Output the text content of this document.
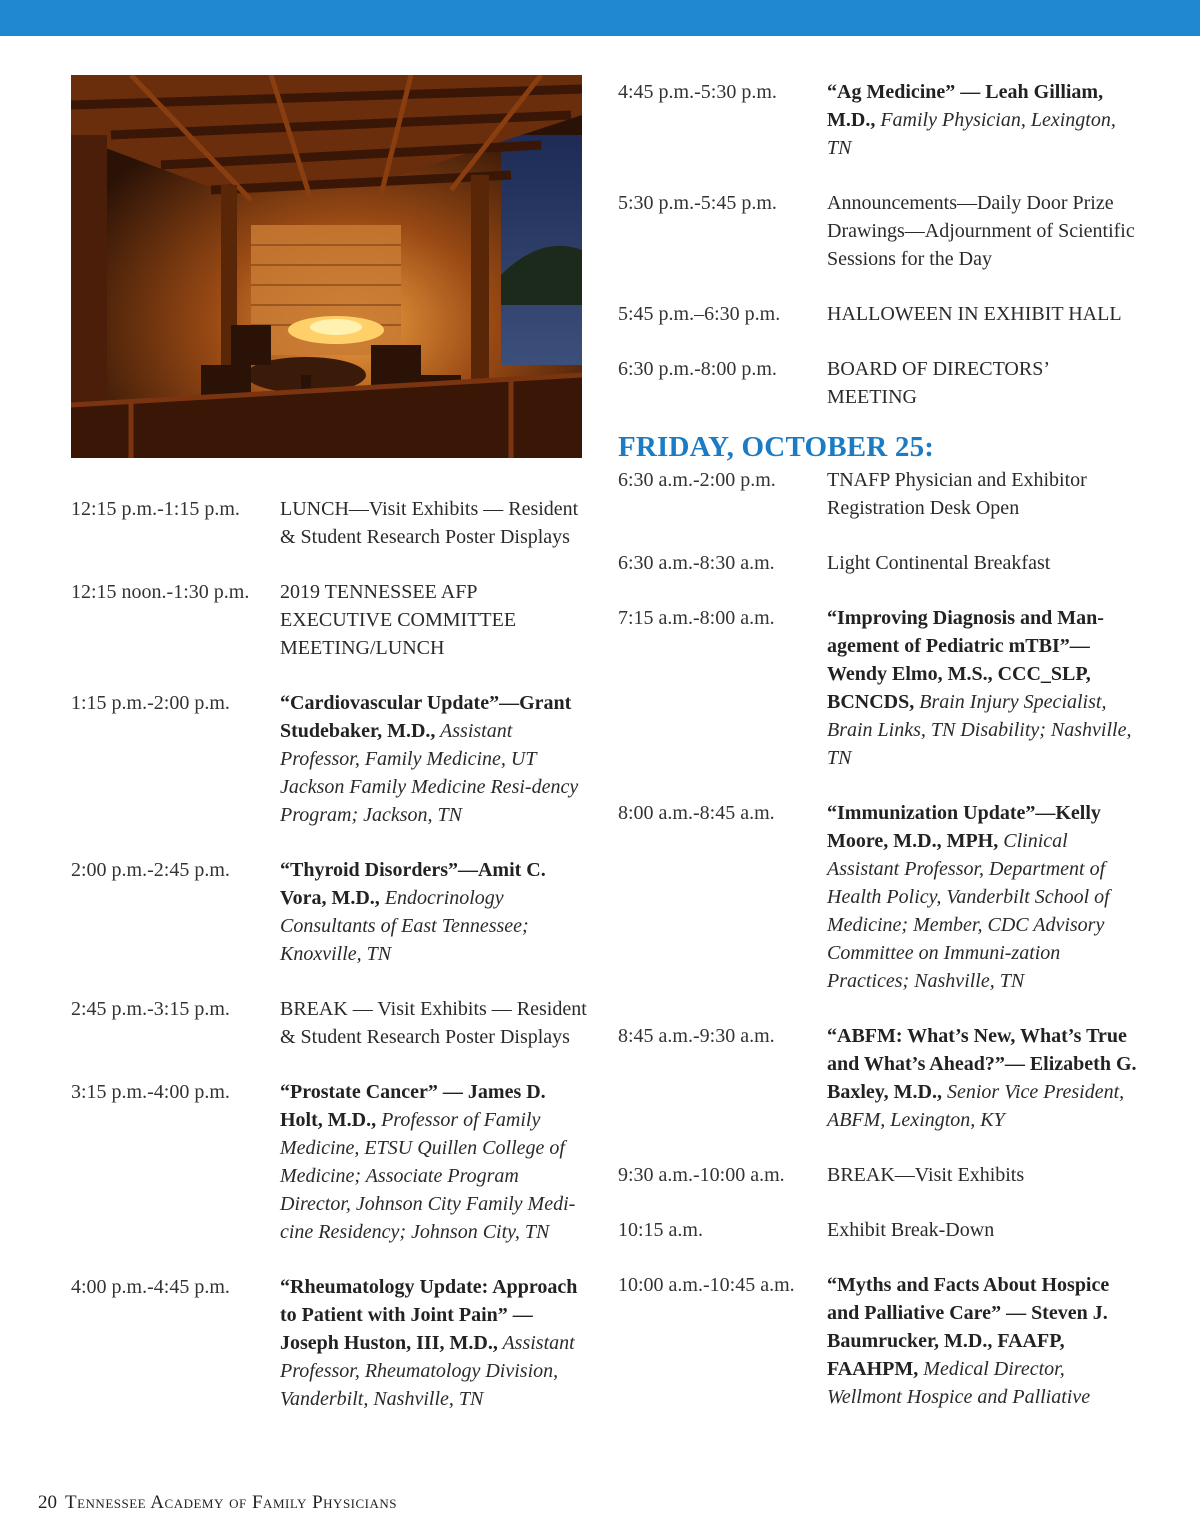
12:15 p.m.-1:15 p.m.	LUNCH—Visit Exhibits — Resident & Student Research Poster Displays
12:15 noon.-1:30 p.m.	2019 TENNESSEE AFP EXECUTIVE COMMITTEE MEETING/LUNCH
1:15 p.m.-2:00 p.m.	“Cardiovascular Update”—Grant Studebaker, M.D., Assistant Professor, Family Medicine, UT Jackson Family Medicine Resi-dency Program; Jackson, TN
2:00 p.m.-2:45 p.m.	“Thyroid Disorders”—Amit C. Vora, M.D., Endocrinology Consultants of East Tennessee; Knoxville, TN
2:45 p.m.-3:15 p.m.	BREAK — Visit Exhibits — Resident & Student Research Poster Displays
3:15 p.m.-4:00 p.m.	“Prostate Cancer” — James D. Holt, M.D., Professor of Family Medicine, ETSU Quillen College of Medicine; Associate Program Director, Johnson City Family Medi-cine Residency; Johnson City, TN
4:00 p.m.-4:45 p.m.	“Rheumatology Update: Approach to Patient with Joint Pain” — Joseph Huston, III, M.D., Assistant Professor, Rheumatology Division, Vanderbilt, Nashville, TN
4:45 p.m.-5:30 p.m.	“Ag Medicine” — Leah Gilliam, M.D., Family Physician, Lexington, TN
5:30 p.m.-5:45 p.m.	Announcements—Daily Door Prize Drawings—Adjournment of Scientific Sessions for the Day
5:45 p.m.–6:30 p.m.	HALLOWEEN IN EXHIBIT HALL
6:30 p.m.-8:00 p.m.	BOARD OF DIRECTORS’ MEETING
FRIDAY, OCTOBER 25:
6:30 a.m.-2:00 p.m.	TNAFP Physician and Exhibitor Registration Desk Open
6:30 a.m.-8:30 a.m.	Light Continental Breakfast
7:15 a.m.-8:00 a.m.	“Improving Diagnosis and Man-agement of Pediatric mTBI”— Wendy Elmo, M.S., CCC_SLP, BCNCDS, Brain Injury Specialist, Brain Links, TN Disability; Nashville, TN
8:00 a.m.-8:45 a.m.	“Immunization Update”—Kelly Moore, M.D., MPH, Clinical Assistant Professor, Department of Health Policy, Vanderbilt School of Medicine; Member, CDC Advisory Committee on Immuni-zation Practices; Nashville, TN
8:45 a.m.-9:30 a.m.	“ABFM: What’s New, What’s True and What’s Ahead?”— Elizabeth G. Baxley, M.D., Senior Vice President, ABFM, Lexington, KY
9:30 a.m.-10:00 a.m.	BREAK—Visit Exhibits
10:15 a.m.	Exhibit Break-Down
10:00 a.m.-10:45 a.m.	“Myths and Facts About Hospice and Palliative Care” — Steven J. Baumrucker, M.D., FAAFP, FAAHPM, Medical Director, Wellmont Hospice and Palliative
20 Tennessee Academy of Family Physicians
